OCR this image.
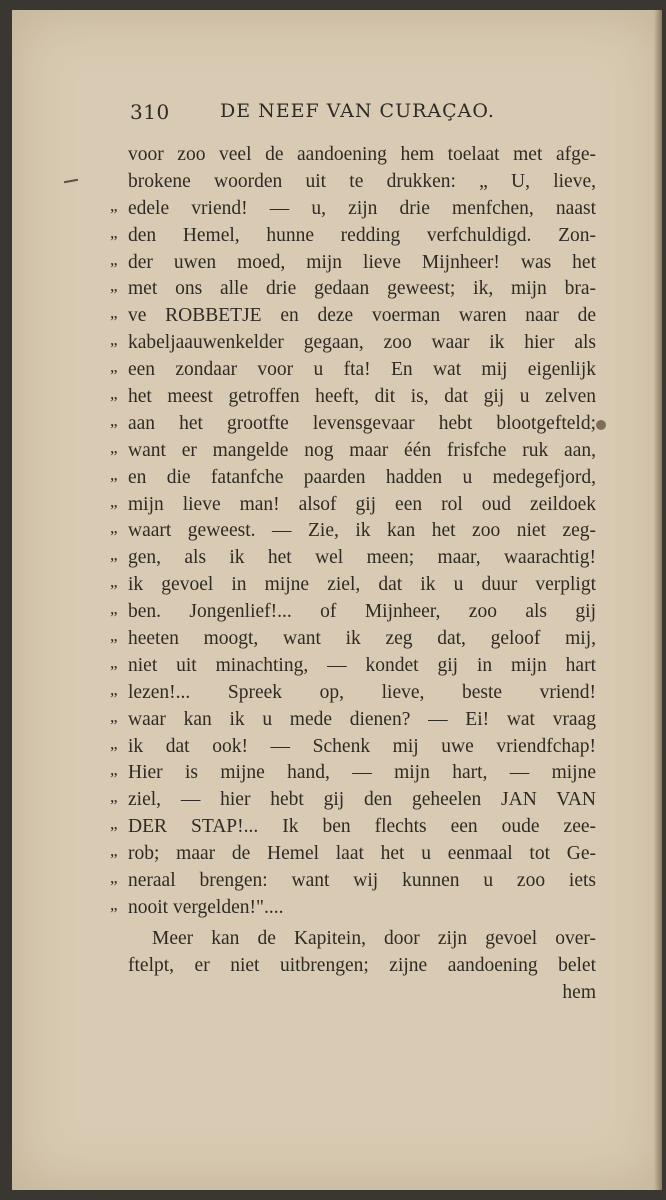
310	DE NEEF VAN CURAÇAO.
voor zoo veel de aandoening hem toelaat met afge-
brokene woorden uit te drukken: „ U, lieve,
„ edele vriend! — u, zijn drie menfchen, naast
„ den Hemel, hunne redding verfchuldigd. Zon-
„ der uwen moed, mijn lieve Mijnheer! was het
„ met ons alle drie gedaan geweest; ik, mijn bra-
„ ve ROBBETJE en deze voerman waren naar de
„ kabeljaauwenkelder gegaan, zoo waar ik hier als
„ een zondaar voor u fta! En wat mij eigenlijk
„ het meest getroffen heeft, dit is, dat gij u zelven
„ aan het grootfte levensgevaar hebt blootgefteld;
„ want er mangelde nog maar één frisfche ruk aan,
„ en die fatanfche paarden hadden u medegefjord,
„ mijn lieve man! alsof gij een rol oud zeildoek
„ waart geweest. — Zie, ik kan het zoo niet zeg-
„ gen, als ik het wel meen; maar, waarachtig!
„ ik gevoel in mijne ziel, dat ik u duur verpligt
„ ben. Jongenlief!... of Mijnheer, zoo als gij
„ heeten moogt, want ik zeg dat, geloof mij,
„ niet uit minachting, — kondet gij in mijn hart
„ lezen!... Spreek op, lieve, beste vriend!
„ waar kan ik u mede dienen? — Ei! wat vraag
„ ik dat ook! — Schenk mij uwe vriendfchap!
„ Hier is mijne hand, — mijn hart, — mijne
„ ziel, — hier hebt gij den geheelen JAN VAN
„ DER STAP!... Ik ben flechts een oude zee-
„ rob; maar de Hemel laat het u eenmaal tot Ge-
„ neraal brengen: want wij kunnen u zoo iets
„ nooit vergelden!"....
Meer kan de Kapitein, door zijn gevoel over-
ftelpt, er niet uitbrengen; zijne aandoening belet
hem
